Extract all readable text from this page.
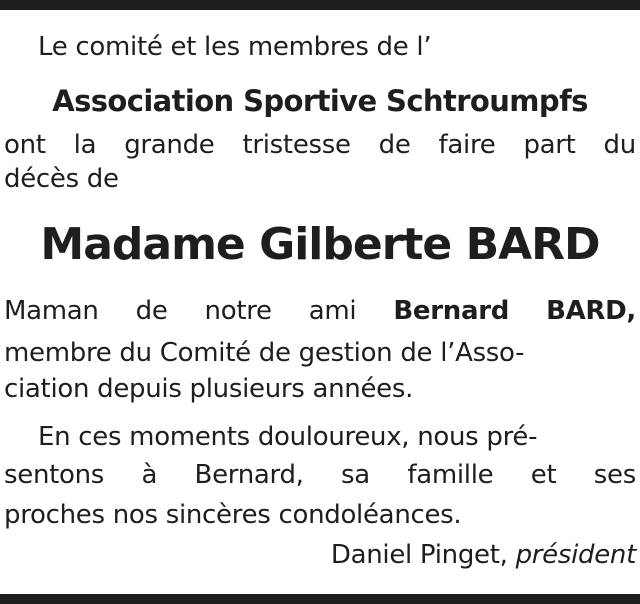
Le comité et les membres de l’
Association Sportive Schtroumpfs
ont la grande tristesse de faire part du
décès de
Madame Gilberte BARD
Maman de notre ami Bernard BARD,
membre du Comité de gestion de l’Asso-
ciation depuis plusieurs années.
En ces moments douloureux, nous pré-
sentons à Bernard, sa famille et ses
proches nos sincères condoléances.
Daniel Pinget, président
